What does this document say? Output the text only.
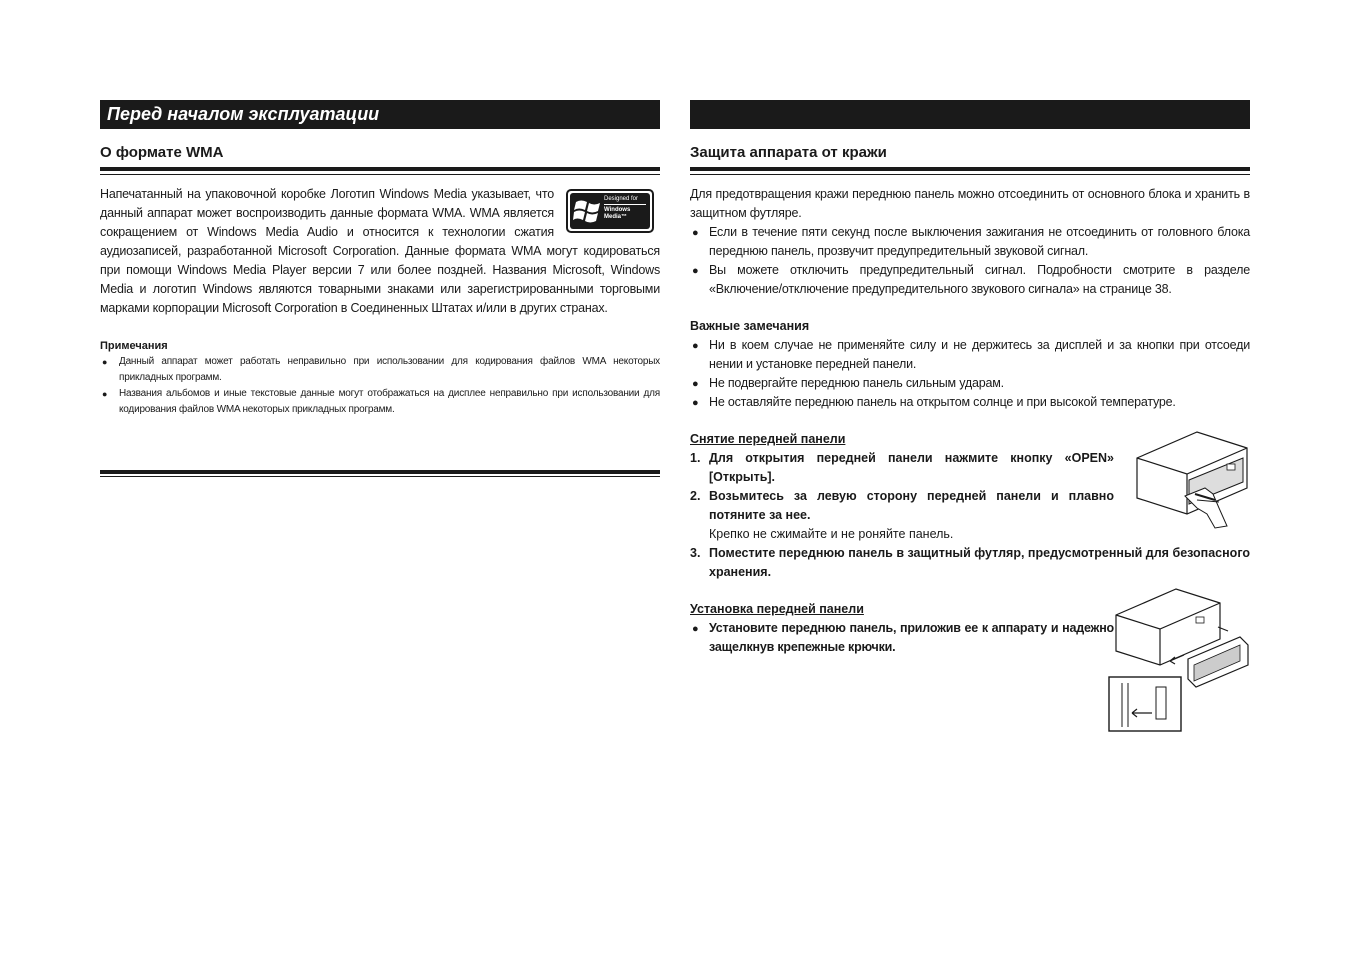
Перед началом эксплуатации
О формате WMA
Designed for
Windows
Media™

Напечатанный на упаковочной коробке Логотип Windows Media указывает, что данный аппарат может воспроизводить данные формата WMA. WMA является сокращением от Windows Media Audio и относится к технологии сжатия аудиозаписей, разработанной Microsoft Corporation. Данные формата WMA могут кодироваться при помощи Windows Media Player версии 7 или более поздней. Названия Microsoft, Windows Media и логотип Windows являются товарными знаками или зарегистрированными торговыми марками корпорации Microsoft Corporation в Соединенных Штатах и/или в других странах.

Примечания
● Данный аппарат может работать неправильно при использовании для кодирования файлов WMA некоторых прикладных программ.
● Названия альбомов и иные текстовые данные могут отображаться на дисплее неправильно при использовании для кодирования файлов WMA некоторых прикладных программ.
Защита аппарата от кражи

Для предотвращения кражи переднюю панель можно отсоединить от основного блока и хранить в защитном футляре.

● Если в течение пяти секунд после выключения зажигания не отсоединить от головного блока переднюю панель, прозвучит предупредительный звуковой сигнал.
● Вы можете отключить предупредительный сигнал. Подробности смотрите в разделе «Включение/отключение предупредительного звукового сигнала» на странице 38.
Важные замечания
● Ни в коем случае не применяйте силу и не держитесь за дисплей и за кнопки при отсоеди нении и установке передней панели.
● Не подвергайте переднюю панель сильным ударам.
● Не оставляйте переднюю панель на открытом солнце и при высокой температуре.
Снятие передней панели
1. Для открытия передней панели нажмите кнопку «OPEN» [Открыть].
2. Возьмитесь за левую сторону передней панели и плавно потяните за нее.
Крепко не сжимайте и не роняйте панель.
3. Поместите переднюю панель в защитный футляр, предусмотренный для безопасного хранения.
Установка передней панели
● Установите переднюю панель, приложив ее к аппарату и надежно защелкнув крепежные крючки.
